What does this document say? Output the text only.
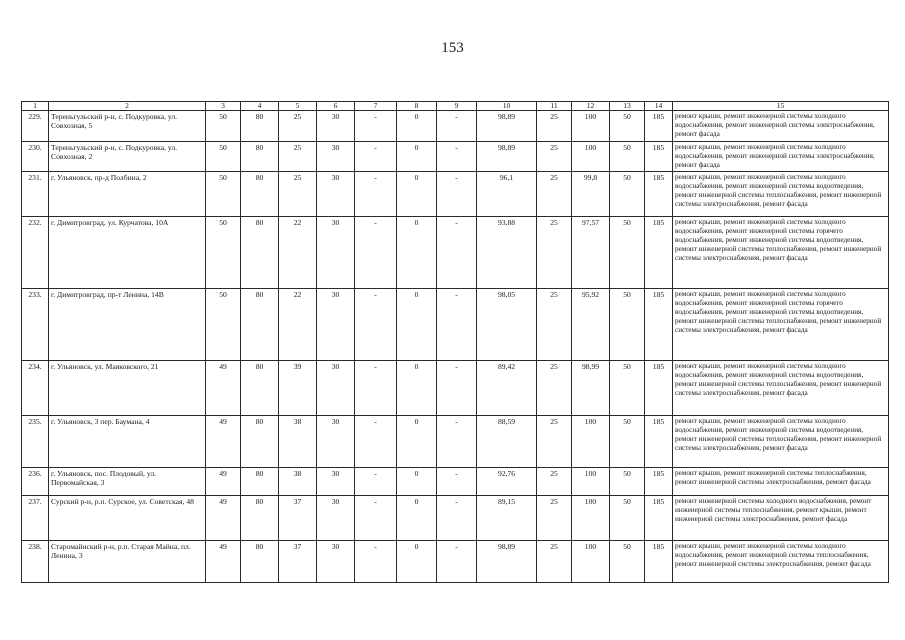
153
1	2	3	4	5	6	7	8	9	10	11	12	13	14	15
229.	Тереньгульский р-н, с. Подкуровка, ул. Совхозная, 5	50	80	25	30	-	0	-	98,89	25	100	50	185	ремонт крыши, ремонт инженерной системы холодного водоснабжения, ремонт инженерной системы электроснабжения, ремонт фасада
230.	Тереньгульский р-н, с. Подкуровка, ул. Совхозная, 2	50	80	25	30	-	0	-	98,89	25	100	50	185	ремонт крыши, ремонт инженерной системы холодного водоснабжения, ремонт инженерной системы электроснабжения, ремонт фасада
231.	г. Ульяновск, пр-д Полбина, 2	50	80	25	30	-	0	-	96,1	25	99,8	50	185	ремонт крыши, ремонт инженерной системы холодного водоснабжения, ремонт инженерной системы водоотведения, ремонт инженерной системы теплоснабжения, ремонт инженерной системы электроснабжения, ремонт фасада
232.	г. Димитровград, ул. Курчатова, 10А	50	80	22	30	-	0	-	93,88	25	97,57	50	185	ремонт крыши, ремонт инженерной системы холодного водоснабжения, ремонт инженерной системы горячего водоснабжения, ремонт инженерной системы водоотведения, ремонт инженерной системы теплоснабжения, ремонт инженерной системы электроснабжения, ремонт фасада
233.	г. Димитровград, пр-т Ленина, 14В	50	80	22	30	-	0	-	98,05	25	95,92	50	185	ремонт крыши, ремонт инженерной системы холодного водоснабжения, ремонт инженерной системы горячего водоснабжения, ремонт инженерной системы водоотведения, ремонт инженерной системы теплоснабжения, ремонт инженерной системы электроснабжения, ремонт фасада
234.	г. Ульяновск, ул. Маяковского, 21	49	80	39	30	-	0	-	89,42	25	98,99	50	185	ремонт крыши, ремонт инженерной системы холодного водоснабжения, ремонт инженерной системы водоотведения, ремонт инженерной системы теплоснабжения, ремонт инженерной системы электроснабжения, ремонт фасада
235.	г. Ульяновск, 3 пер. Баумана, 4	49	80	38	30	-	0	-	88,59	25	100	50	185	ремонт крыши, ремонт инженерной системы холодного водоснабжения, ремонт инженерной системы водоотведения, ремонт инженерной системы теплоснабжения, ремонт инженерной системы электроснабжения, ремонт фасада
236.	г. Ульяновск, пос. Плодовый, ул. Первомайская, 3	49	80	38	30	-	0	-	92,76	25	100	50	185	ремонт крыши, ремонт инженерной системы теплоснабжения, ремонт инженерной системы электроснабжения, ремонт фасада
237.	Сурский р-н, р.п. Сурское, ул. Советская, 48	49	80	37	30	-	0	-	89,15	25	100	50	185	ремонт инженерной системы холодного водоснабжения, ремонт инженерной системы теплоснабжения, ремонт крыши, ремонт инженерной системы электроснабжения, ремонт фасада
238.	Старомайнский р-н, р.п. Старая Майна, пл. Ленина, 3	49	80	37	30	-	0	-	98,89	25	100	50	185	ремонт крыши, ремонт инженерной системы холодного водоснабжения, ремонт инженерной системы теплоснабжения, ремонт инженерной системы электроснабжения, ремонт фасада
